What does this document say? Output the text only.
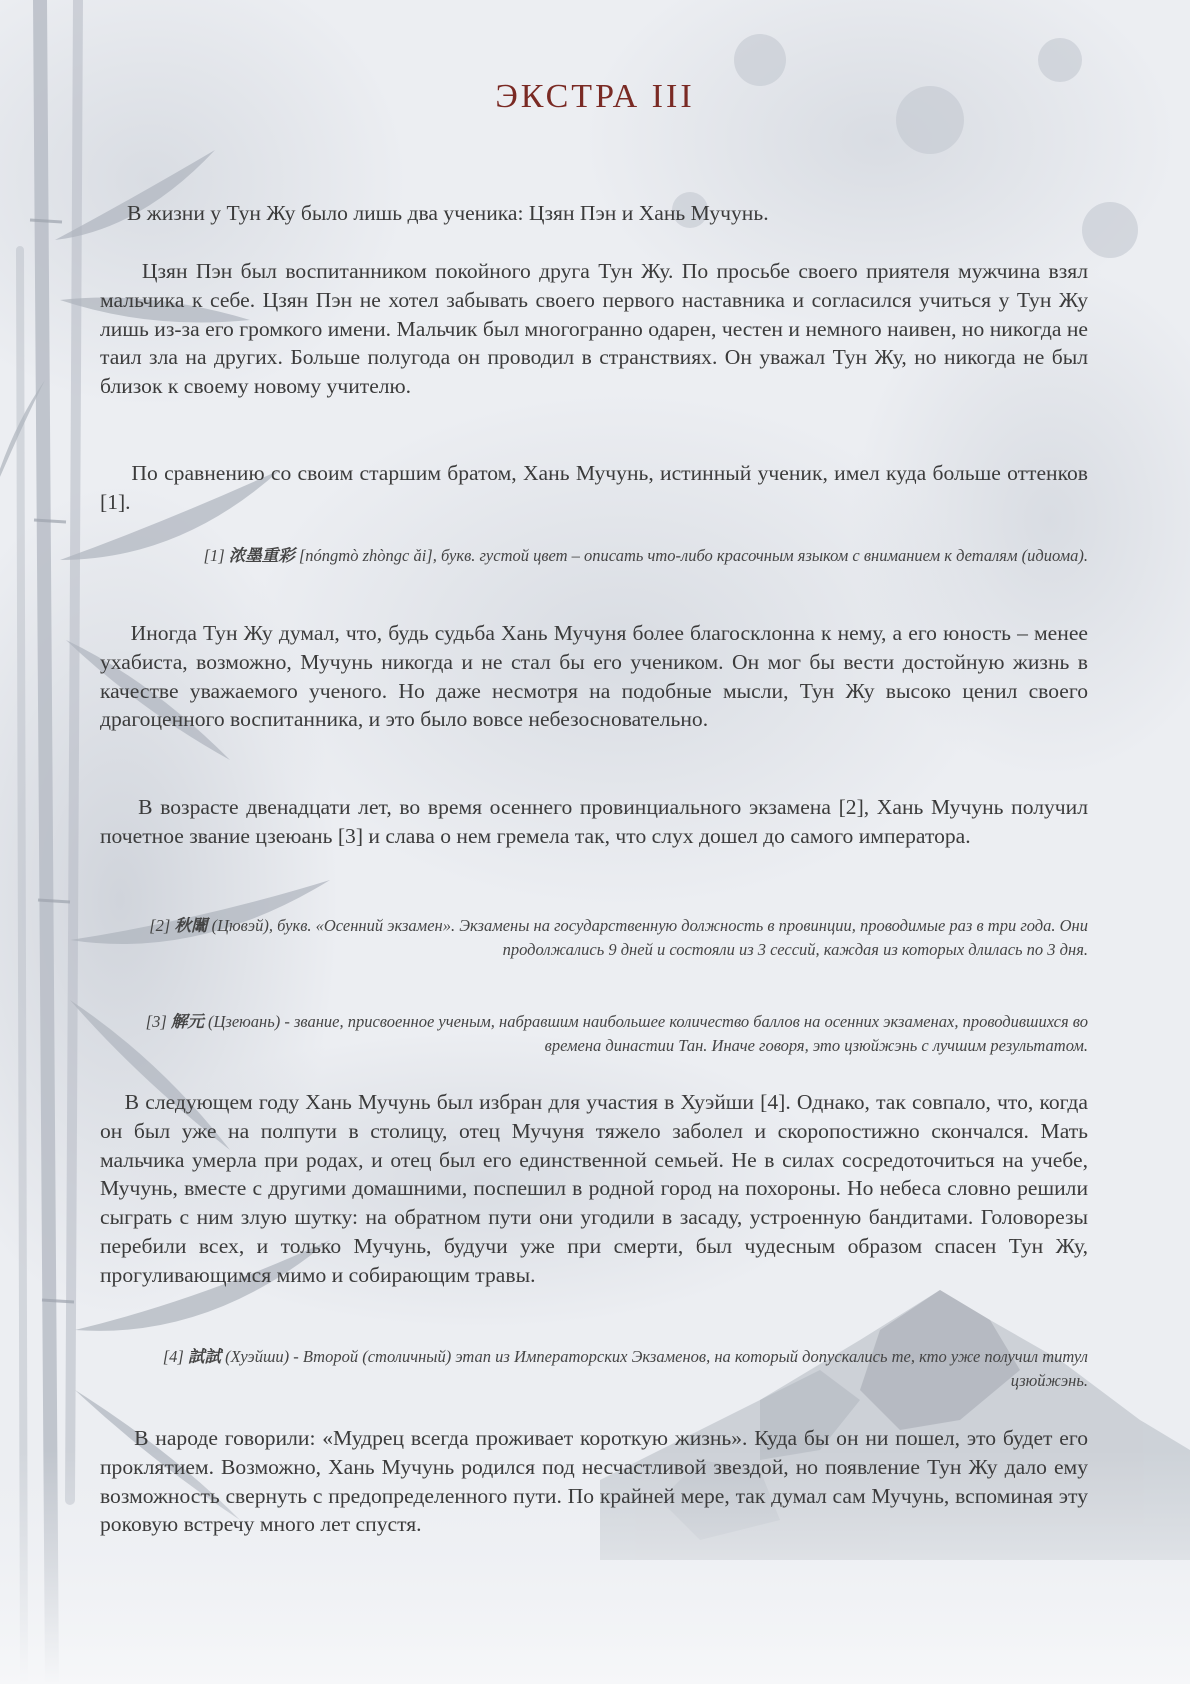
ЭКСТРА III

В жизни у Тун Жу было лишь два ученика: Цзян Пэн и Хань Мучунь.

Цзян Пэн был воспитанником покойного друга Тун Жу. По просьбе своего приятеля мужчина взял мальчика к себе. Цзян Пэн не хотел забывать своего первого наставника и согласился учиться у Тун Жу лишь из-за его громкого имени. Мальчик был многогранно одарен, честен и немного наивен, но никогда не таил зла на других. Больше полугода он проводил в странствиях. Он уважал Тун Жу, но никогда не был близок к своему новому учителю.

По сравнению со своим старшим братом, Хань Мучунь, истинный ученик, имел куда больше оттенков [1].

[1] 浓墨重彩 [nóngmò zhòngc ǎi], букв. густой цвет – описать что-либо красочным языком с вниманием к деталям (идиома).

Иногда Тун Жу думал, что, будь судьба Хань Мучуня более благосклонна к нему, а его юность – менее ухабиста, возможно, Мучунь никогда и не стал бы его учеником. Он мог бы вести достойную жизнь в качестве уважаемого ученого. Но даже несмотря на подобные мысли, Тун Жу высоко ценил своего драгоценного воспитанника, и это было вовсе небезосновательно.

В возрасте двенадцати лет, во время осеннего провинциального экзамена [2], Хань Мучунь получил почетное звание цзеюань [3] и слава о нем гремела так, что слух дошел до самого императора.

[2] 秋闈 (Цювэй), букв. «Осенний экзамен». Экзамены на государственную должность в провинции, проводимые раз в три года. Они продолжались 9 дней и состояли из 3 сессий, каждая из которых длилась по 3 дня.

[3] 解元 (Цзеюань) - звание, присвоенное ученым, набравшим наибольшее количество баллов на осенних экзаменах, проводившихся во времена династии Тан. Иначе говоря, это цзюйжэнь с лучшим результатом.

В следующем году Хань Мучунь был избран для участия в Хуэйши [4]. Однако, так совпало, что, когда он был уже на полпути в столицу, отец Мучуня тяжело заболел и скоропостижно скончался. Мать мальчика умерла при родах, и отец был его единственной семьей. Не в силах сосредоточиться на учебе, Мучунь, вместе с другими домашними, поспешил в родной город на похороны. Но небеса словно решили сыграть с ним злую шутку: на обратном пути они угодили в засаду, устроенную бандитами. Головорезы перебили всех, и только Мучунь, будучи уже при смерти, был чудесным образом спасен Тун Жу, прогуливающимся мимо и собирающим травы.

[4] 試試 (Хуэйши) - Второй (столичный) этап из Императорских Экзаменов, на который допускались те, кто уже получил титул цзюйжэнь.

В народе говорили: «Мудрец всегда проживает короткую жизнь». Куда бы он ни пошел, это будет его проклятием. Возможно, Хань Мучунь родился под несчастливой звездой, но появление Тун Жу дало ему возможность свернуть с предопределенного пути. По крайней мере, так думал сам Мучунь, вспоминая эту роковую встречу много лет спустя.
